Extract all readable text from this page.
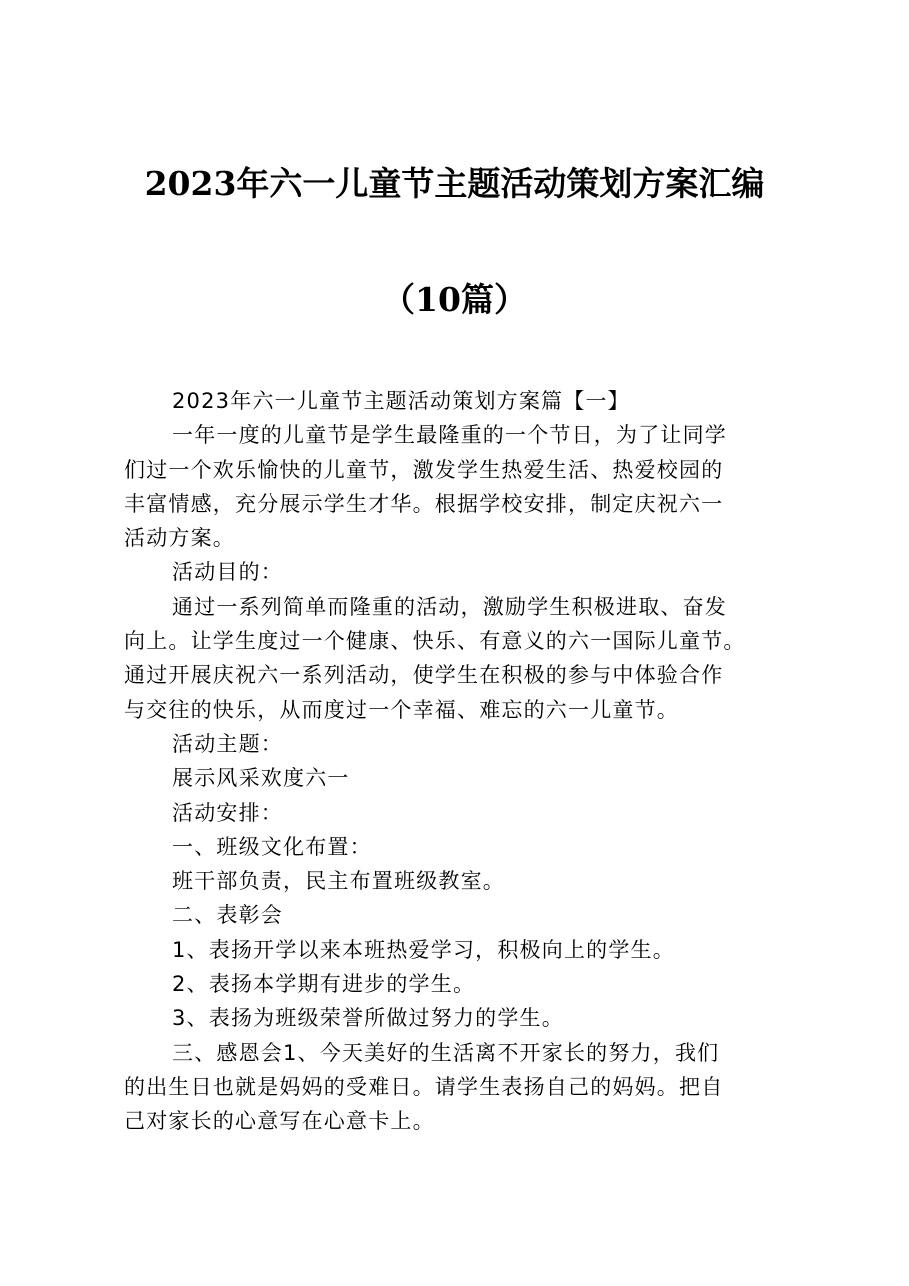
2023年六一儿童节主题活动策划方案汇编
（10篇）
2023年六一儿童节主题活动策划方案篇【一】
一年一度的儿童节是学生最隆重的一个节日，为了让同学
们过一个欢乐愉快的儿童节，激发学生热爱生活、热爱校园的
丰富情感，充分展示学生才华。根据学校安排，制定庆祝六一
活动方案。
活动目的：
通过一系列简单而隆重的活动，激励学生积极进取、奋发
向上。让学生度过一个健康、快乐、有意义的六一国际儿童节。
通过开展庆祝六一系列活动，使学生在积极的参与中体验合作
与交往的快乐，从而度过一个幸福、难忘的六一儿童节。
活动主题：
展示风采欢度六一
活动安排：
一、班级文化布置：
班干部负责，民主布置班级教室。
二、表彰会
1、表扬开学以来本班热爱学习，积极向上的学生。
2、表扬本学期有进步的学生。
3、表扬为班级荣誉所做过努力的学生。
三、感恩会1、今天美好的生活离不开家长的努力，我们
的出生日也就是妈妈的受难日。请学生表扬自己的妈妈。把自
己对家长的心意写在心意卡上。
